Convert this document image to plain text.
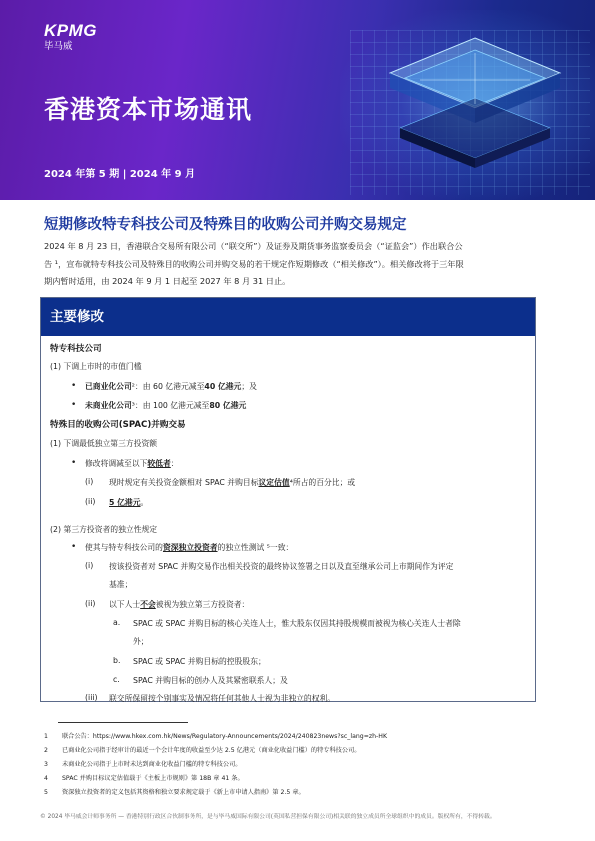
KPMG
毕马威
香港资本市场通讯
2024 年第 5 期 | 2024 年 9 月
短期修改特专科技公司及特殊目的收购公司并购交易规定
2024 年 8 月 23 日，香港联合交易所有限公司（“联交所”）及证券及期货事务监察委员会（“证监会”）作出联合公
告 ¹，宣布就特专科技公司及特殊目的收购公司并购交易的若干规定作短期修改（“相关修改”）。相关修改将于三年限
期内暂时适用，由 2024 年 9 月 1 日起至 2027 年 8 月 31 日止。
主要修改
特专科技公司
(1) 下调上市时的市值门槛
• 已商业化公司²：由 60 亿港元减至40 亿港元；及
• 未商业化公司³：由 100 亿港元减至80 亿港元
特殊目的收购公司(SPAC)并购交易
(1) 下调最低独立第三方投资额
• 修改将调减至以下较低者：
(i) 现时规定有关投资金额相对 SPAC 并购目标议定估值⁴所占的百分比；或
(ii) 5 亿港元。
(2) 第三方投资者的独立性规定
• 使其与特专科技公司的资深独立投资者的独立性测试 ⁵一致：
(i) 按该投资者对 SPAC 并购交易作出相关投资的最终协议签署之日以及直至继承公司上市期间作为评定
基准；
(ii) 以下人士不会被视为独立第三方投资者：
a. SPAC 或 SPAC 并购目标的核心关连人士，惟大股东仅因其持股规模而被视为核心关连人士者除
外；
b. SPAC 或 SPAC 并购目标的控股股东；
c. SPAC 并购目标的创办人及其紧密联系人；及
(iii) 联交所保留按个别事实及情况将任何其他人士视为非独立的权利。
1 联合公告：https://www.hkex.com.hk/News/Regulatory-Announcements/2024/240823news?sc_lang=zh-HK
2 已商业化公司指于经审计的最近一个会计年度的收益至少达 2.5 亿港元（商业化收益门槛）的特专科技公司。
3 未商业化公司指于上市时未达到商业化收益门槛的特专科技公司。
4 SPAC 并购目标议定估值载于《主板上市规则》第 18B 章 41 条。
5 资深独立投资者的定义包括其资格和独立要求规定载于《新上市申请人指南》第 2.5 章。
© 2024 毕马威会计师事务所 — 香港特别行政区合伙制事务所，是与毕马威国际有限公司(英国私营担保有限公司)相关联的独立成员所全球组织中的成员。版权所有，不得转载。
